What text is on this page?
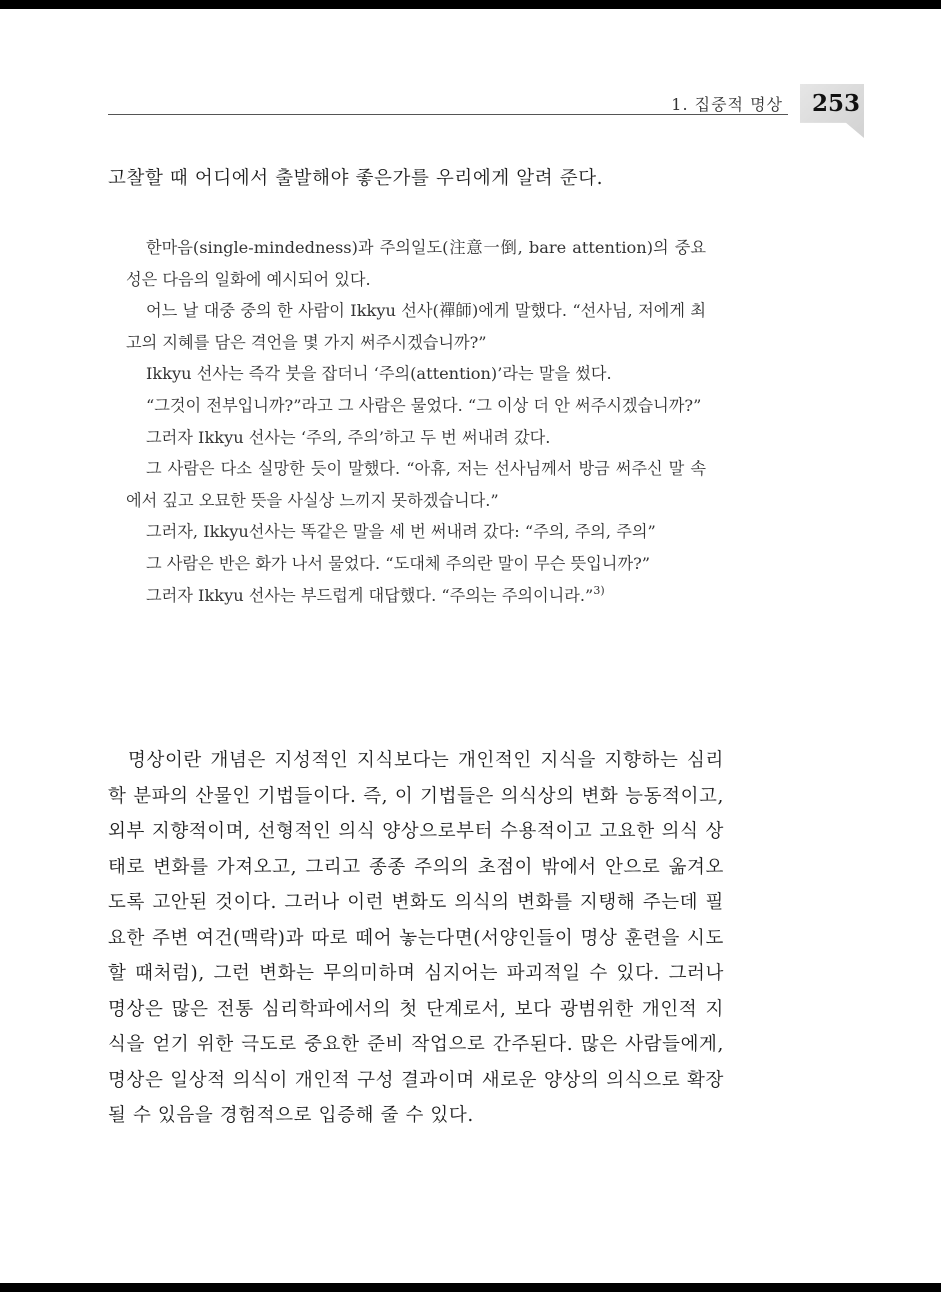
1. 집중적 명상 253
고찰할 때 어디에서 출발해야 좋은가를 우리에게 알려 준다.

한마음(single-mindedness)과 주의일도(注意一倒, bare attention)의 중요성은 다음의 일화에 예시되어 있다.

어느 날 대중 중의 한 사람이 Ikkyu 선사(禪師)에게 말했다. “선사님, 저에게 최고의 지혜를 담은 격언을 몇 가지 써주시겠습니까?”

Ikkyu 선사는 즉각 붓을 잡더니 ‘주의(attention)’라는 말을 썼다.

“그것이 전부입니까?”라고 그 사람은 물었다. “그 이상 더 안 써주시겠습니까?”

그러자 Ikkyu 선사는 ‘주의, 주의’하고 두 번 써내려 갔다.

그 사람은 다소 실망한 듯이 말했다. “아휴, 저는 선사님께서 방금 써주신 말 속에서 깊고 오묘한 뜻을 사실상 느끼지 못하겠습니다.”

그러자, Ikkyu선사는 똑같은 말을 세 번 써내려 갔다: “주의, 주의, 주의”

그 사람은 반은 화가 나서 물었다. “도대체 주의란 말이 무슨 뜻입니까?”

그러자 Ikkyu 선사는 부드럽게 대답했다. “주의는 주의이니라.”$^{3)}$

명상이란 개념은 지성적인 지식보다는 개인적인 지식을 지향하는 심리학 분파의 산물인 기법들이다. 즉, 이 기법들은 의식상의 변화 능동적이고, 외부 지향적이며, 선형적인 의식 양상으로부터 수용적이고 고요한 의식 상태로 변화를 가져오고, 그리고 종종 주의의 초점이 밖에서 안으로 옮겨오도록 고안된 것이다. 그러나 이런 변화도 의식의 변화를 지탱해 주는데 필요한 주변 여건(맥락)과 따로 떼어 놓는다면(서양인들이 명상 훈련을 시도할 때처럼), 그런 변화는 무의미하며 심지어는 파괴적일 수 있다. 그러나 명상은 많은 전통 심리학파에서의 첫 단계로서, 보다 광범위한 개인적 지식을 얻기 위한 극도로 중요한 준비 작업으로 간주된다. 많은 사람들에게, 명상은 일상적 의식이 개인적 구성 결과이며 새로운 양상의 의식으로 확장될 수 있음을 경험적으로 입증해 줄 수 있다.
